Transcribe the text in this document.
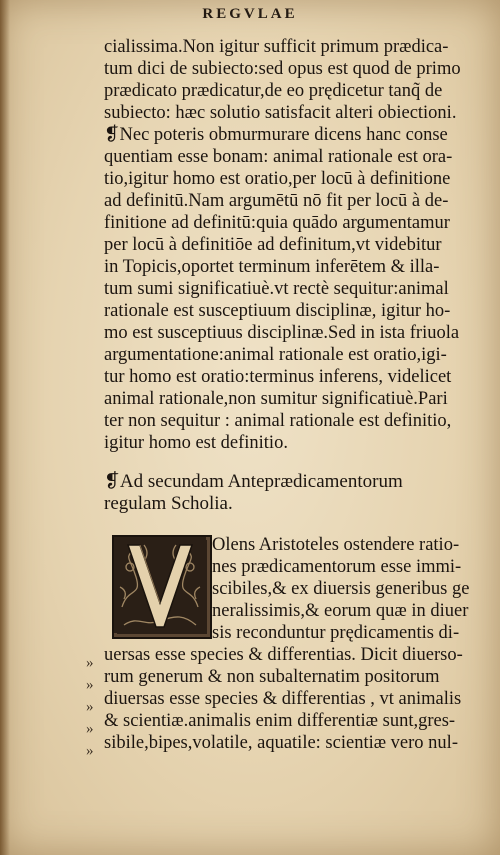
REGVLAE
cialissima.Non igitur sufficit primum prædica‑
tum dici de subiecto:sed opus est quod de primo
prædicato prædicatur,de eo prędicetur tanq̃ de
subiecto: hæc solutio satisfacit alteri obiectioni.
❡Nec poteris obmurmurare dicens hanc conse
quentiam esse bonam: animal rationale est ora‑
tio,igitur homo est oratio,per locū à definitione
ad definitū.Nam argumētū nō fit per locū à de‑
finitione ad definitū:quia quādo argumentamur
per locū à definitiōe ad definitum,vt videbitur
in Topicis,oportet terminum inferētem & illa‑
tum sumi significatiuè.vt rectè sequitur:animal
rationale est susceptiuum disciplinæ, igitur ho‑
mo est susceptiuus disciplinæ.Sed in ista friuola
argumentatione:animal rationale est oratio,igi‑
tur homo est oratio:terminus inferens, videlicet
animal rationale,non sumitur significatiuè.Pari
ter non sequitur : animal rationale est definitio,
igitur homo est definitio.
❡Ad secundam Anteprædicamentorum
regulam Scholia.
Olens Aristoteles ostendere ratio‑
nes prædicamentorum esse immi‑
scibiles,& ex diuersis generibus ge
neralissimis,& eorum quæ in diuer
sis reconduntur prędicamentis di‑
uersas esse species & differentias. Dicit diuerso‑
rum generum & non subalternatim positorum
diuersas esse species & differentias , vt animalis
& scientiæ.animalis enim differentiæ sunt,gres‑
sibile,bipes,volatile, aquatile: scientiæ vero nul‑
»
»
»
»
»
